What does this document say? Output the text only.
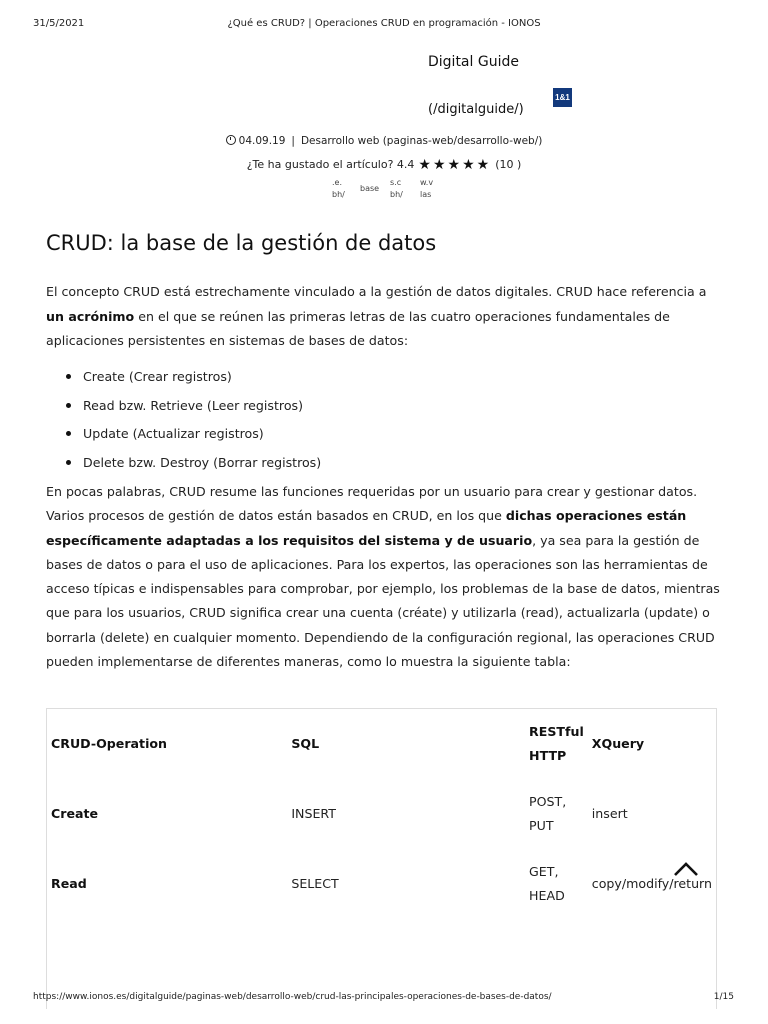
31/5/2021	¿Qué es CRUD? | Operaciones CRUD en programación - IONOS
Digital Guide
(/digitalguide/)
1&1
04.09.19 | Desarrollo web (paginas-web/desarrollo-web/)
¿Te ha gustado el artículo? 4.4 ★★★★★ (10 )
.e.
bh/
base
s.c
bh/
w.v
las
CRUD: la base de la gestión de datos
El concepto CRUD está estrechamente vinculado a la gestión de datos digitales. CRUD hace referencia a un acrónimo en el que se reúnen las primeras letras de las cuatro operaciones fundamentales de aplicaciones persistentes en sistemas de bases de datos:
Create (Crear registros)
Read bzw. Retrieve (Leer registros)
Update (Actualizar registros)
Delete bzw. Destroy (Borrar registros)
En pocas palabras, CRUD resume las funciones requeridas por un usuario para crear y gestionar datos. Varios procesos de gestión de datos están basados en CRUD, en los que dichas operaciones están específicamente adaptadas a los requisitos del sistema y de usuario, ya sea para la gestión de bases de datos o para el uso de aplicaciones. Para los expertos, las operaciones son las herramientas de acceso típicas e indispensables para comprobar, por ejemplo, los problemas de la base de datos, mientras que para los usuarios, CRUD significa crear una cuenta (créate) y utilizarla (read), actualizarla (update) o borrarla (delete) en cualquier momento. Dependiendo de la configuración regional, las operaciones CRUD pueden implementarse de diferentes maneras, como lo muestra la siguiente tabla:
CRUD-Operation	SQL	RESTful HTTP	XQuery
Create	INSERT	POST, PUT	insert
Read	SELECT	GET, HEAD	copy/modify/return
https://www.ionos.es/digitalguide/paginas-web/desarrollo-web/crud-las-principales-operaciones-de-bases-de-datos/	1/15
